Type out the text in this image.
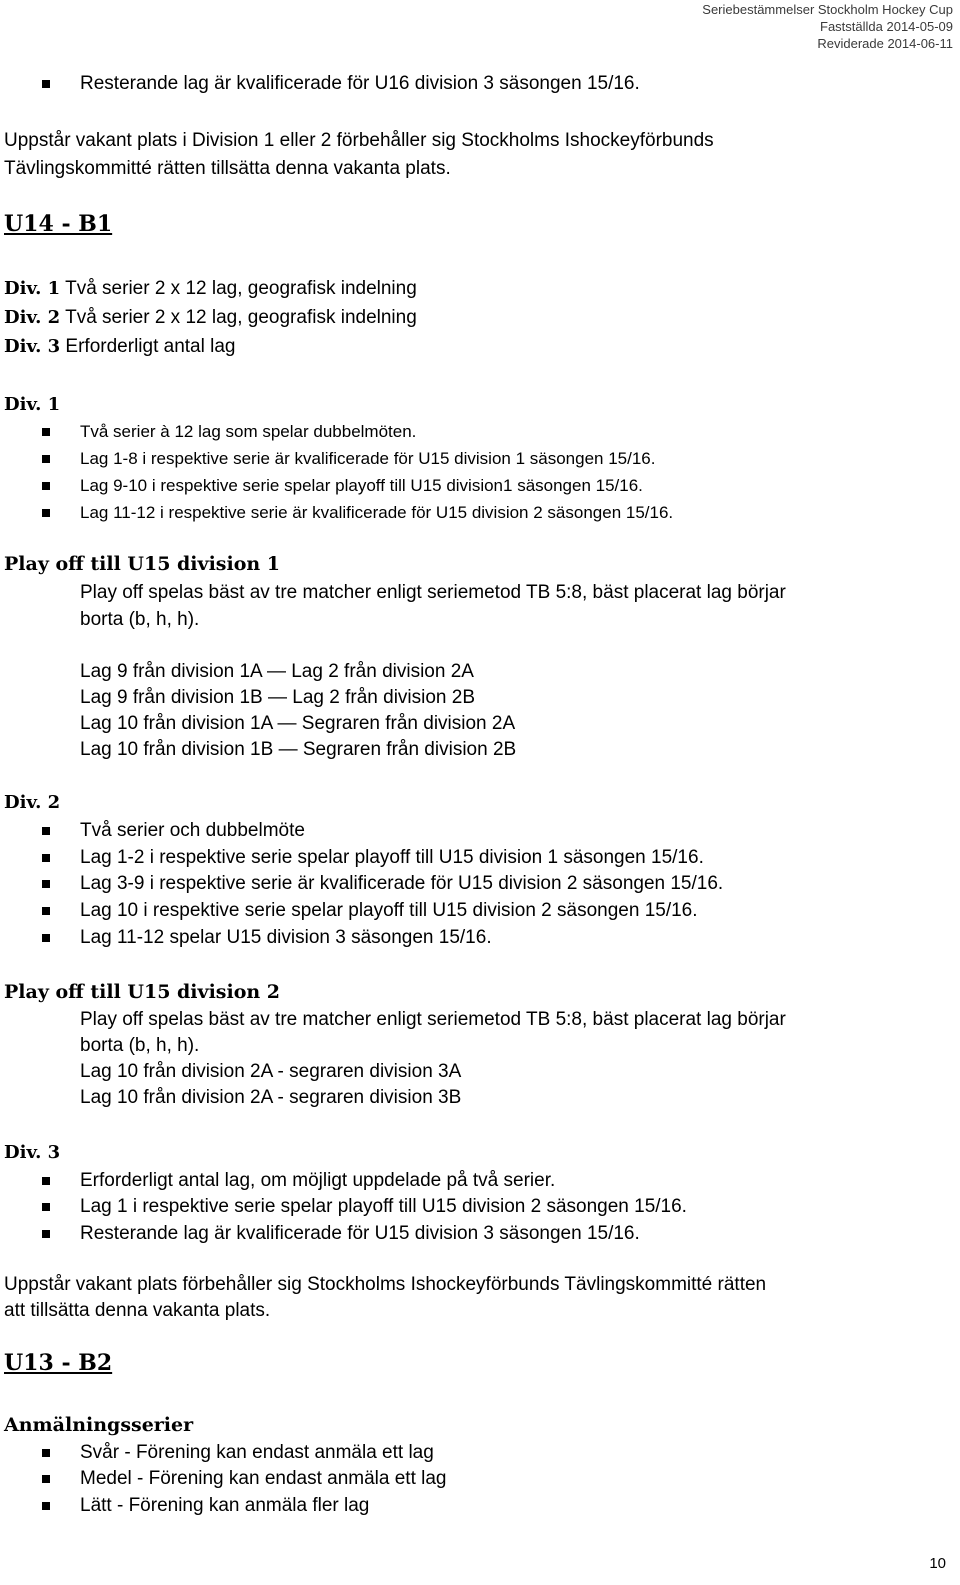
Seriebestämmelser Stockholm Hockey Cup
Fastställda 2014-05-09
Reviderade 2014-06-11
Resterande lag är kvalificerade för U16 division 3 säsongen 15/16.
Uppstår vakant plats i Division 1 eller 2 förbehåller sig Stockholms Ishockeyförbunds
Tävlingskommitté rätten tillsätta denna vakanta plats.
U14 - B1
Div. 1 Två serier 2 x 12 lag, geografisk indelning
Div. 2 Två serier 2 x 12 lag, geografisk indelning
Div. 3 Erforderligt antal lag
Div. 1
Två serier à 12 lag som spelar dubbelmöten.
Lag 1-8 i respektive serie är kvalificerade för U15 division 1 säsongen 15/16.
Lag 9-10 i respektive serie spelar playoff till U15 division1 säsongen 15/16.
Lag 11-12 i respektive serie är kvalificerade för U15 division 2 säsongen 15/16.
Play off till U15 division 1
Play off spelas bäst av tre matcher enligt seriemetod TB 5:8, bäst placerat lag börjar
borta (b, h, h).
Lag 9 från division 1A — Lag 2 från division 2A
Lag 9 från division 1B — Lag 2 från division 2B
Lag 10 från division 1A — Segraren från division 2A
Lag 10 från division 1B — Segraren från division 2B
Div. 2
Två serier och dubbelmöte
Lag 1-2 i respektive serie spelar playoff till U15 division 1 säsongen 15/16.
Lag 3-9 i respektive serie är kvalificerade för U15 division 2 säsongen 15/16.
Lag 10 i respektive serie spelar playoff till U15 division 2 säsongen 15/16.
Lag 11-12 spelar U15 division 3 säsongen 15/16.
Play off till U15 division 2
Play off spelas bäst av tre matcher enligt seriemetod TB 5:8, bäst placerat lag börjar
borta (b, h, h).
Lag 10 från division 2A - segraren division 3A
Lag 10 från division 2A - segraren division 3B
Div. 3
Erforderligt antal lag, om möjligt uppdelade på två serier.
Lag 1 i respektive serie spelar playoff till U15 division 2 säsongen 15/16.
Resterande lag är kvalificerade för U15 division 3 säsongen 15/16.
Uppstår vakant plats förbehåller sig Stockholms Ishockeyförbunds Tävlingskommitté rätten
att tillsätta denna vakanta plats.
U13 - B2
Anmälningsserier
Svår - Förening kan endast anmäla ett lag
Medel - Förening kan endast anmäla ett lag
Lätt - Förening kan anmäla fler lag
10
